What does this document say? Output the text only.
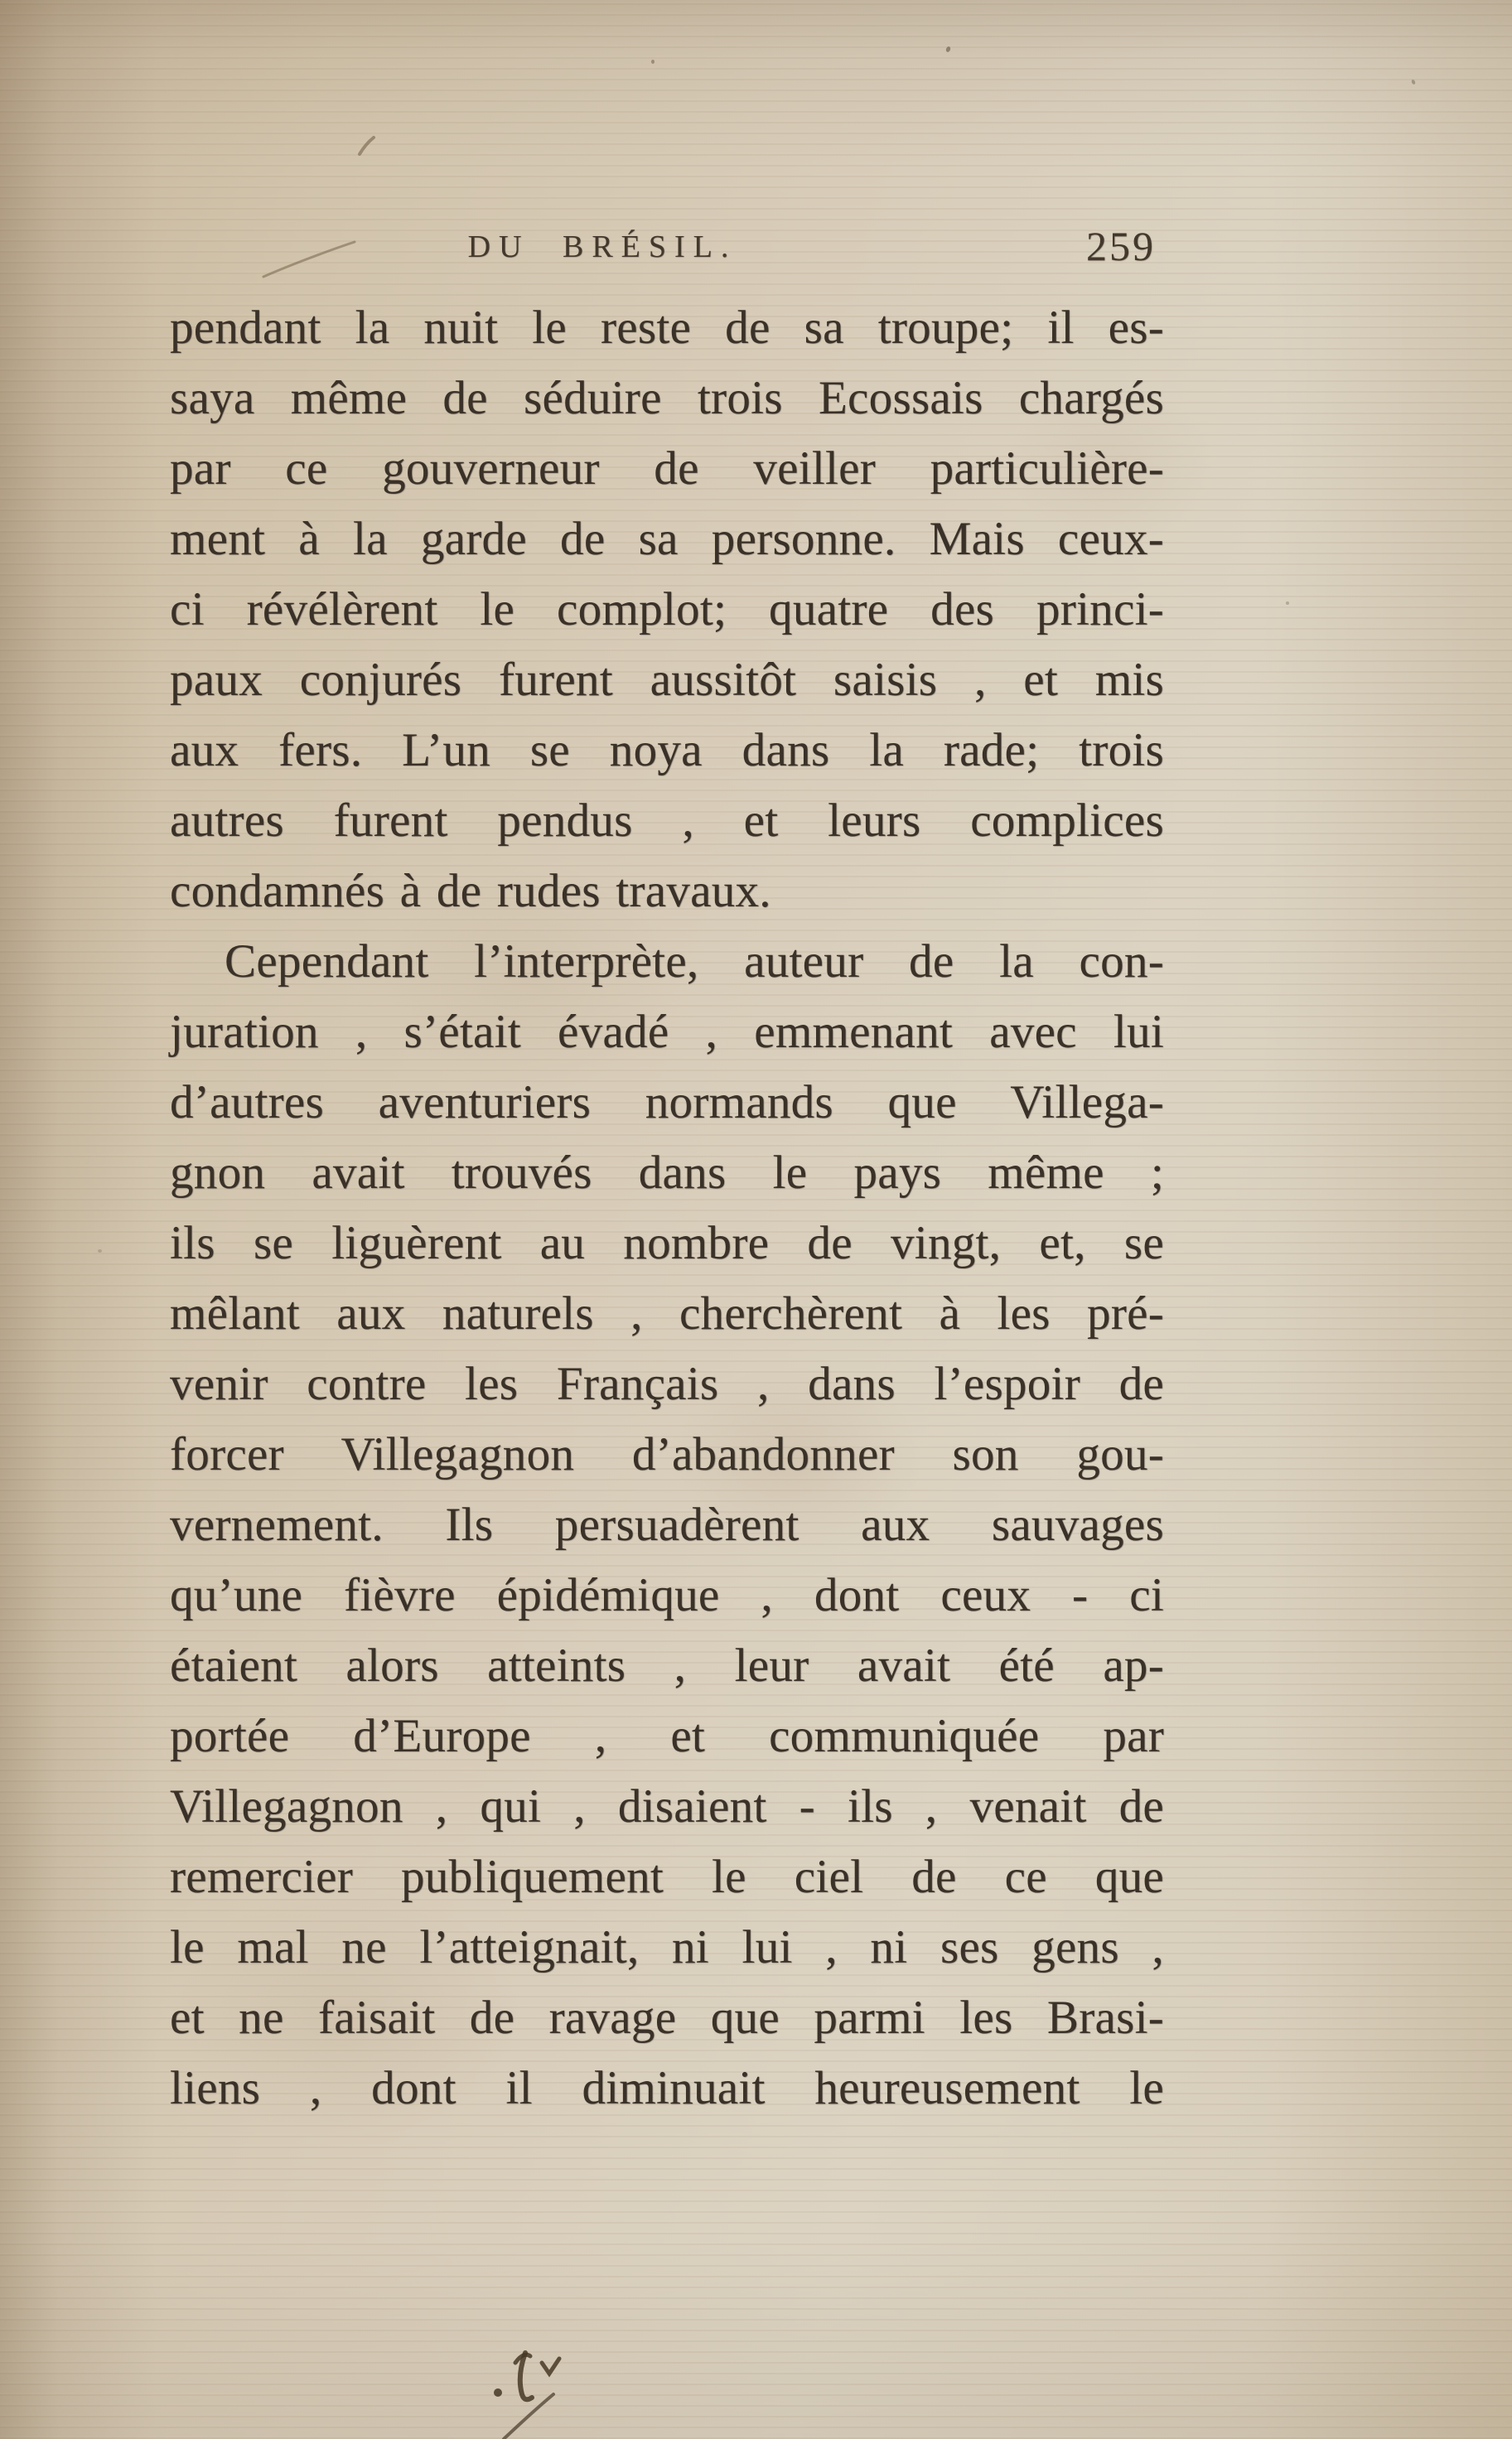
DU BRÉSIL.	259
pendant la nuit le reste de sa troupe; il es-
saya même de séduire trois Ecossais chargés
par ce gouverneur de veiller particulière-
ment à la garde de sa personne. Mais ceux-
ci révélèrent le complot; quatre des princi-
paux conjurés furent aussitôt saisis , et mis
aux fers. L’un se noya dans la rade; trois
autres furent pendus , et leurs complices
condamnés à de rudes travaux.
Cependant l’interprète, auteur de la con-
juration , s’était évadé , emmenant avec lui
d’autres aventuriers normands que Villega-
gnon avait trouvés dans le pays même ;
ils se liguèrent au nombre de vingt, et, se
mêlant aux naturels , cherchèrent à les pré-
venir contre les Français , dans l’espoir de
forcer Villegagnon d’abandonner son gou-
vernement. Ils persuadèrent aux sauvages
qu’une fièvre épidémique , dont ceux - ci
étaient alors atteints , leur avait été ap-
portée d’Europe , et communiquée par
Villegagnon , qui , disaient - ils , venait de
remercier publiquement le ciel de ce que
le mal ne l’atteignait, ni lui , ni ses gens ,
et ne faisait de ravage que parmi les Brasi-
liens , dont il diminuait heureusement le
